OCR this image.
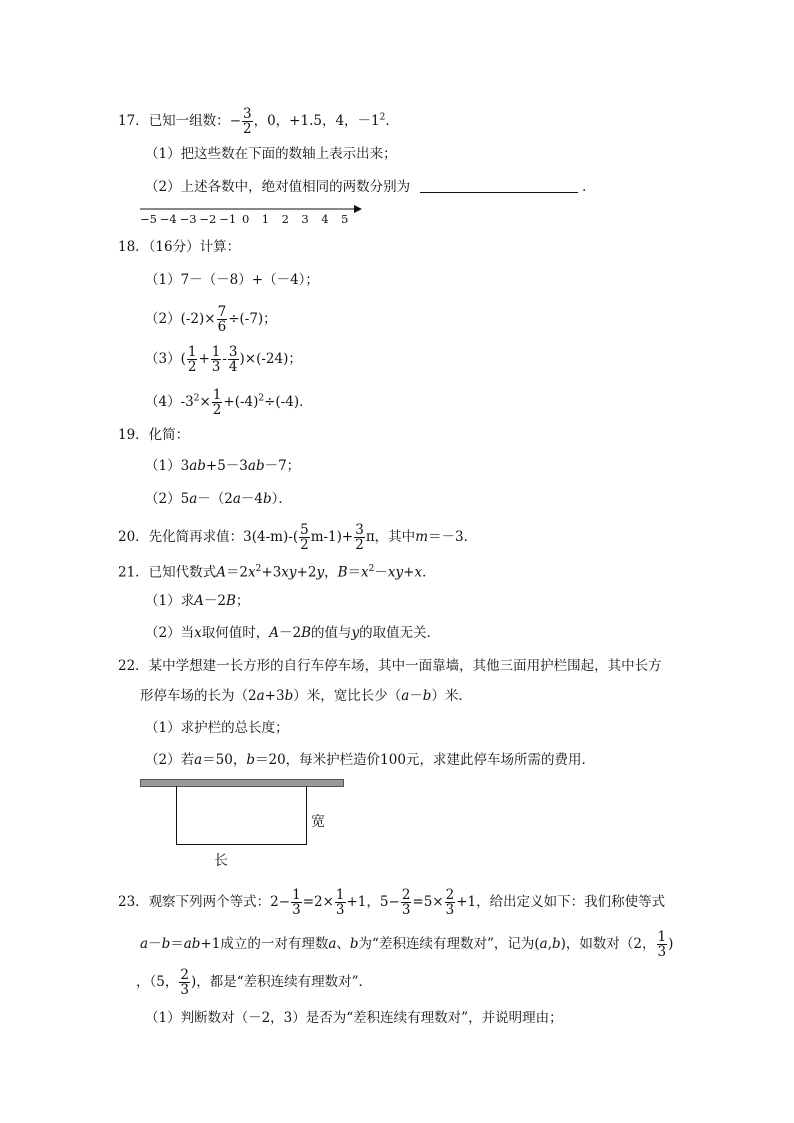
17．已知一组数：− $\frac{3}{2}$ ，0，+1.5，4，$-1^2$．
（1）把这些数在下面的数轴上表示出来；
（2）上述各数中，绝对值相同的两数分别为	．
−5 −4 −3 −2 −1 0 1 2 3 4 5
18．（16分）计算：
（1）7－（－8）+（－4）；
$(2)(-2)\times \frac{7}{6} \div(-7)$；
$(3)( \frac{1}{2} + \frac{1}{3} - \frac{3}{4} )\times(-24)$；
$(4)-3^2\times \frac{1}{2} +(-4)^2\div(-4)$．
19．化简：
（1）3ab+5－3ab－7；
（2）5a－（2a－4b）．
20．先化简再求值：$3(4-m)-( \frac{5}{2} m-1)+ \frac{3}{2}$ π，其中m＝－3．
21．已知代数式$A=2x^2+3xy+2y$，$B=x^2-xy+x$．
（1）求A－2B；
（2）当x取何值时，A－2B的值与y的取值无关．
22．某中学想建一长方形的自行车停车场，其中一面靠墙，其他三面用护栏围起，其中长方
形停车场的长为（2a+3b）米，宽比长少（a－b）米．
（1）求护栏的总长度；
（2）若a＝50，b＝20，每米护栏造价100元，求建此停车场所需的费用．
宽
长
23．观察下列两个等式：$2- \frac{1}{3} =2\times \frac{1}{3} +1$，$5- \frac{2}{3} =5\times \frac{2}{3} +1$，给出定义如下：我们称使等式
a－b＝ab+1成立的一对有理数a、b为“差积连续有理数对”，记为(a,b)，如数对（2， $\frac{1}{3}$ )
，（5， $\frac{2}{3}$ )，都是“差积连续有理数对”．
（1）判断数对（－2，3）是否为“差积连续有理数对”，并说明理由；
